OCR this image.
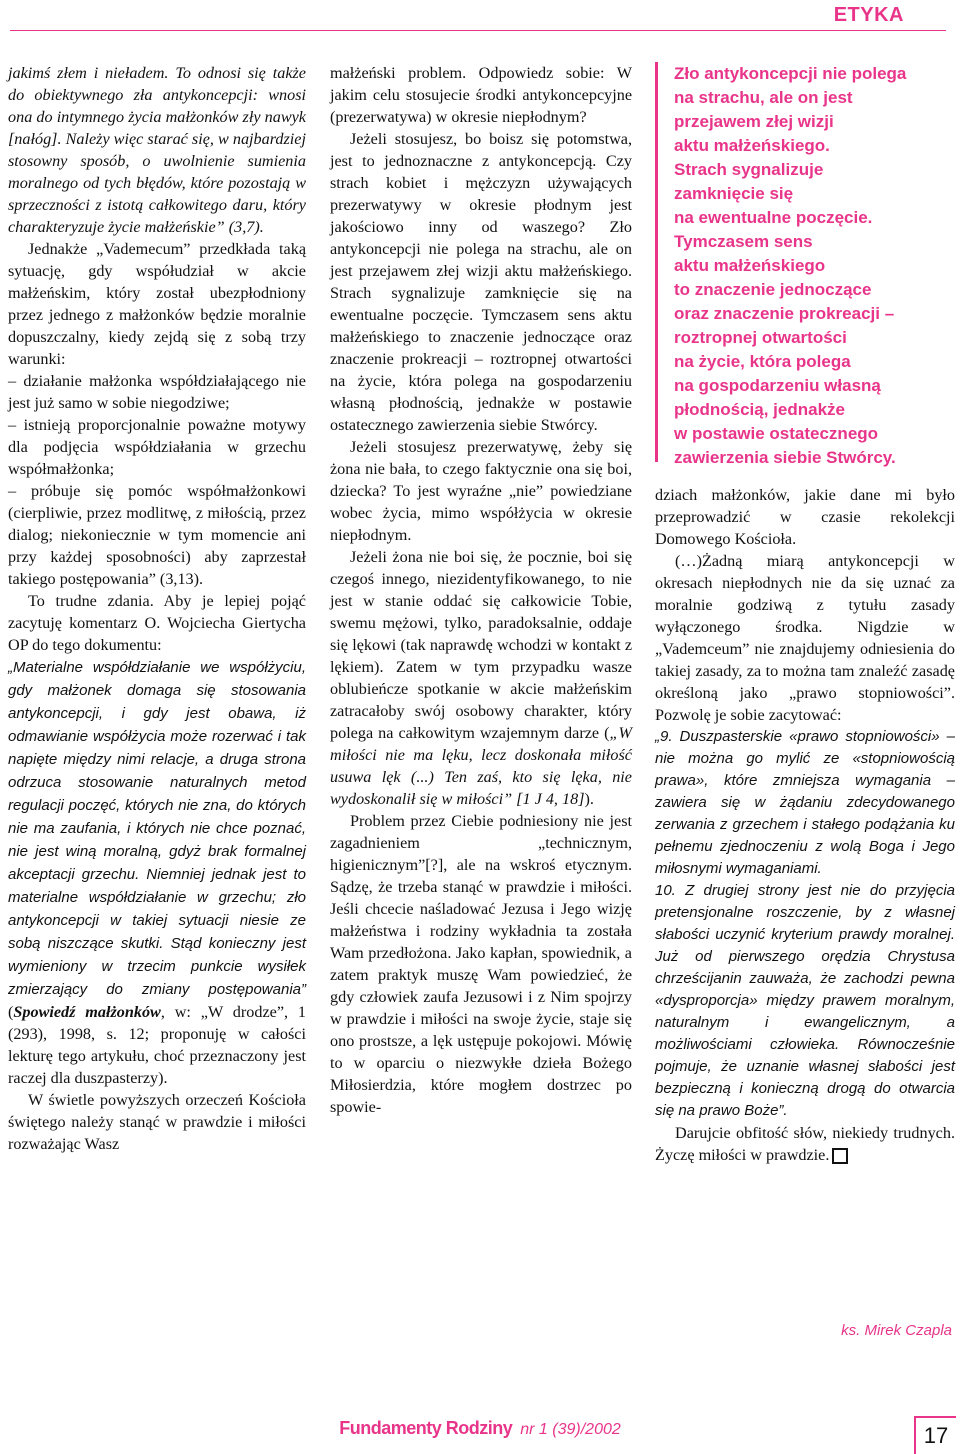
ETYKA

jakimś złem i nieładem. To odnosi się także do obiektywnego zła antykoncepcji: wnosi ona do intymnego życia małżonków zły nawyk [nałóg]. Należy więc starać się, w najbardziej stosowny sposób, o uwolnienie sumienia moralnego od tych błędów, które pozostają w sprzeczności z istotą całkowitego daru, który charakteryzuje życie małżeńskie” (3,7).

Jednakże „Vademecum” przedkłada taką sytuację, gdy współudział w akcie małżeńskim, który został ubezpłodniony przez jednego z małżonków będzie moralnie dopuszczalny, kiedy zejdą się z sobą trzy warunki:

– działanie małżonka współdziałającego nie jest już samo w sobie niegodziwe;

– istnieją proporcjonalnie poważne motywy dla podjęcia współdziałania w grzechu współmałżonka;

– próbuje się pomóc współmałżonkowi (cierpliwie, przez modlitwę, z miłością, przez dialog; niekoniecznie w tym momencie ani przy każdej sposobności) aby zaprzestał takiego postępowania” (3,13).

To trudne zdania. Aby je lepiej pojąć zacytuję komentarz O. Wojciecha Giertycha OP do tego dokumentu:

„Materialne współdziałanie we współżyciu, gdy małżonek domaga się stosowania antykoncepcji, i gdy jest obawa, iż odmawianie współżycia może rozerwać i tak napięte między nimi relacje, a druga strona odrzuca stosowanie naturalnych metod regulacji poczęć, których nie zna, do których nie ma zaufania, i których nie chce poznać, nie jest winą moralną, gdyż brak formalnej akceptacji grzechu. Niemniej jednak jest to materialne współdziałanie w grzechu; zło antykoncepcji w takiej sytuacji niesie ze sobą niszczące skutki. Stąd konieczny jest wymieniony w trzecim punkcie wysiłek zmierzający do zmiany postępowania” (Spowiedź małżonków, w: „W drodze”, 1 (293), 1998, s. 12; proponuję w całości lekturę tego artykułu, choć przeznaczony jest raczej dla duszpasterzy).

W świetle powyższych orzeczeń Kościoła świętego należy stanąć w prawdzie i miłości rozważając Wasz

małżeński problem. Odpowiedz sobie: W jakim celu stosujecie środki antykoncepcyjne (prezerwatywa) w okresie niepłodnym?

Jeżeli stosujesz, bo boisz się potomstwa, jest to jednoznaczne z antykoncepcją. Czy strach kobiet i mężczyzn używających prezerwatywy w okresie płodnym jest jakościowo inny od waszego? Zło antykoncepcji nie polega na strachu, ale on jest przejawem złej wizji aktu małżeńskiego. Strach sygnalizuje zamknięcie się na ewentualne poczęcie. Tymczasem sens aktu małżeńskiego to znaczenie jednoczące oraz znaczenie prokreacji – roztropnej otwartości na życie, która polega na gospodarzeniu własną płodnością, jednakże w postawie ostatecznego zawierzenia siebie Stwórcy.

Jeżeli stosujesz prezerwatywę, żeby się żona nie bała, to czego faktycznie ona się boi, dziecka? To jest wyraźne „nie” powiedziane wobec życia, mimo współżycia w okresie niepłodnym.

Jeżeli żona nie boi się, że pocznie, boi się czegoś innego, niezidentyfikowanego, to nie jest w stanie oddać się całkowicie Tobie, swemu mężowi, tylko, paradoksalnie, oddaje się lękowi (tak naprawdę wchodzi w kontakt z lękiem). Zatem w tym przypadku wasze oblubieńcze spotkanie w akcie małżeńskim zatracałoby swój osobowy charakter, który polega na całkowitym wzajemnym darze („W miłości nie ma lęku, lecz doskonała miłość usuwa lęk (...) Ten zaś, kto się lęka, nie wydoskonalił się w miłości” [1 J 4, 18]).

Problem przez Ciebie podniesiony nie jest zagadnieniem „technicznym, higienicznym”[?], ale na wskroś etycznym. Sądzę, że trzeba stanąć w prawdzie i miłości. Jeśli chcecie naśladować Jezusa i Jego wizję małżeństwa i rodziny wykładnia ta została Wam przedłożona. Jako kapłan, spowiednik, a zatem praktyk muszę Wam powiedzieć, że gdy człowiek zaufa Jezusowi i z Nim spojrzy w prawdzie i miłości na swoje życie, staje się ono prostsze, a lęk ustępuje pokojowi. Mówię to w oparciu o niezwykłe dzieła Bożego Miłosierdzia, które mogłem dostrzec po spowie-

Zło antykoncepcji nie polega
na strachu, ale on jest
przejawem złej wizji
aktu małżeńskiego.
Strach sygnalizuje
zamknięcie się
na ewentualne poczęcie.
Tymczasem sens
aktu małżeńskiego
to znaczenie jednoczące
oraz znaczenie prokreacji –
roztropnej otwartości
na życie, która polega
na gospodarzeniu własną
płodnością, jednakże
w postawie ostatecznego
zawierzenia siebie Stwórcy.

dziach małżonków, jakie dane mi było przeprowadzić w czasie rekolekcji Domowego Kościoła.

(…)Żadną miarą antykoncepcji w okresach niepłodnych nie da się uznać za moralnie godziwą z tytułu zasady wyłączonego środka. Nigdzie w „Vademceum” nie znajdujemy odniesienia do takiej zasady, za to można tam znaleźć zasadę określoną jako „prawo stopniowości”. Pozwolę je sobie zacytować:

„9. Duszpasterskie «prawo stopniowości» – nie można go mylić ze «stopniowością prawa», które zmniejsza wymagania – zawiera się w żądaniu zdecydowanego zerwania z grzechem i stałego podążania ku pełnemu zjednoczeniu z wolą Boga i Jego miłosnymi wymaganiami.

10. Z drugiej strony jest nie do przyjęcia pretensjonalne roszczenie, by z własnej słabości uczynić kryterium prawdy moralnej. Już od pierwszego orędzia Chrystusa chrześcijanin zauważa, że zachodzi pewna «dysproporcja» między prawem moralnym, naturalnym i ewangelicznym, a możliwościami człowieka. Równocześnie pojmuje, że uznanie własnej słabości jest bezpieczną i konieczną drogą do otwarcia się na prawo Boże”.

Darujcie obfitość słów, niekiedy trudnych. Życzę miłości w prawdzie.

ks. Mirek Czapla
Fundamenty Rodziny nr 1 (39)/2002	17
